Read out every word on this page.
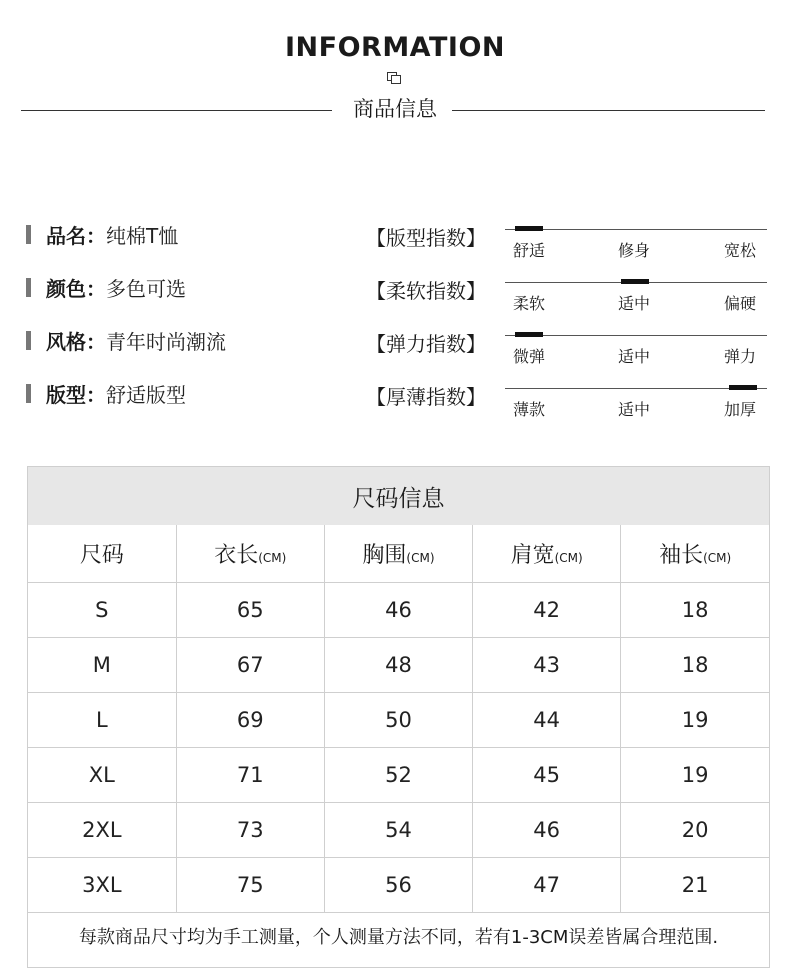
INFORMATION
商品信息
品名： 纯棉T恤
颜色： 多色可选
风格： 青年时尚潮流
版型： 舒适版型
【版型指数】
舒适	修身	宽松
【柔软指数】
柔软	适中	偏硬
【弹力指数】
微弹	适中	弹力
【厚薄指数】
薄款	适中	加厚
尺码信息
尺码	衣长(CM)	胸围(CM)	肩宽(CM)	袖长(CM)
S	65	46	42	18
M	67	48	43	18
L	69	50	44	19
XL	71	52	45	19
2XL	73	54	46	20
3XL	75	56	47	21
每款商品尺寸均为手工测量，个人测量方法不同，若有1-3CM误差皆属合理范围.
